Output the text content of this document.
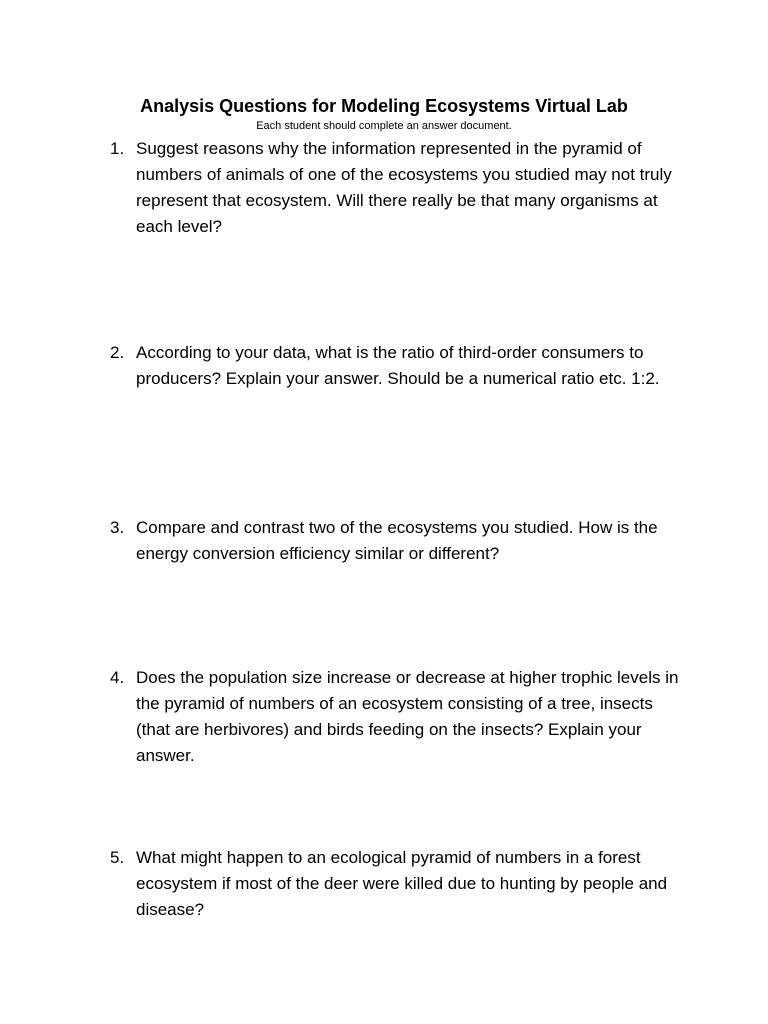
Analysis Questions for Modeling Ecosystems Virtual Lab
Each student should complete an answer document.
1. Suggest reasons why the information represented in the pyramid of numbers of animals of one of the ecosystems you studied may not truly represent that ecosystem. Will there really be that many organisms at each level?
2. According to your data, what is the ratio of third-order consumers to producers? Explain your answer. Should be a numerical ratio etc. 1:2.
3. Compare and contrast two of the ecosystems you studied. How is the energy conversion efficiency similar or different?
4. Does the population size increase or decrease at higher trophic levels in the pyramid of numbers of an ecosystem consisting of a tree, insects (that are herbivores) and birds feeding on the insects? Explain your answer.
5. What might happen to an ecological pyramid of numbers in a forest ecosystem if most of the deer were killed due to hunting by people and disease?
